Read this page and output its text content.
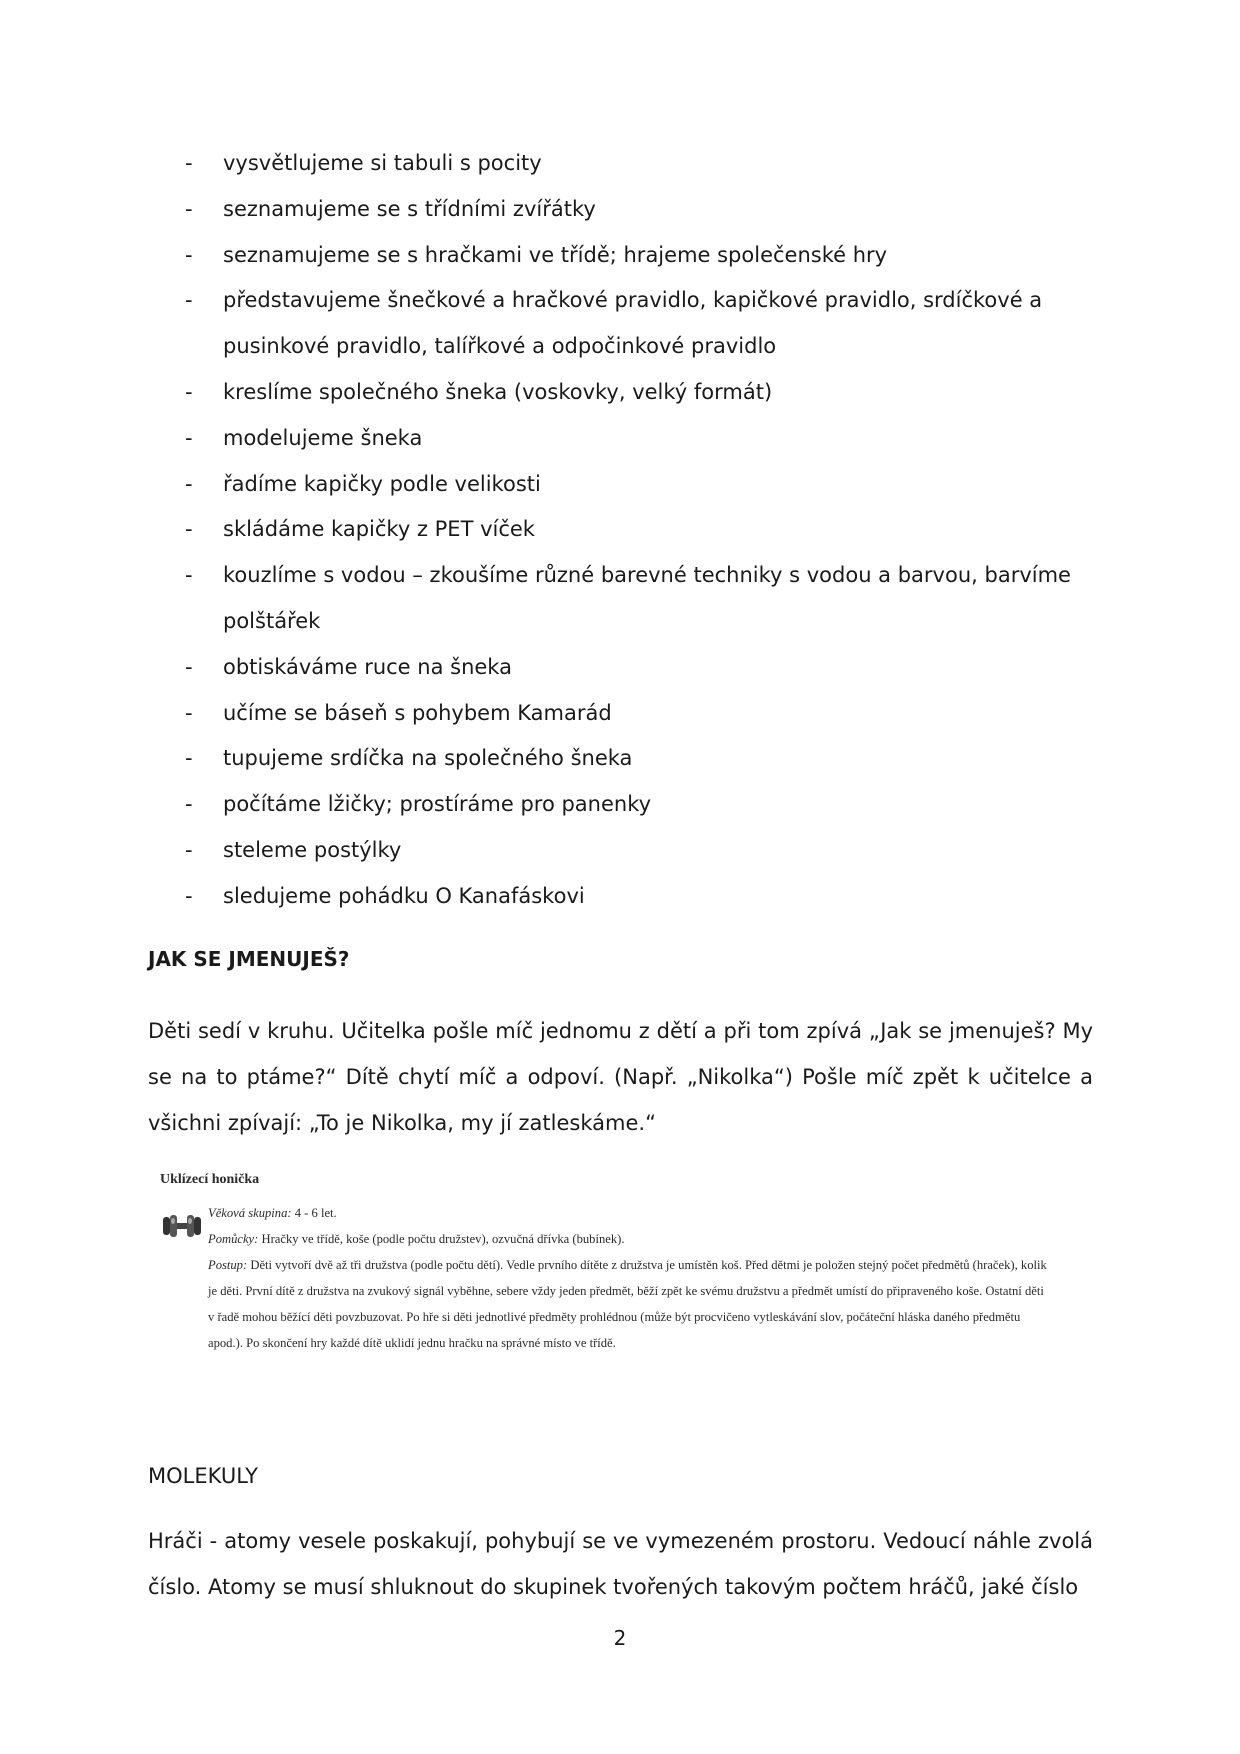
- vysvětlujeme si tabuli s pocity
- seznamujeme se s třídními zvířátky
- seznamujeme se s hračkami ve třídě; hrajeme společenské hry
- představujeme šnečkové a hračkové pravidlo, kapičkové pravidlo, srdíčkové a pusinkové pravidlo, talířkové a odpočinkové pravidlo
- kreslíme společného šneka (voskovky, velký formát)
- modelujeme šneka
- řadíme kapičky podle velikosti
- skládáme kapičky z PET víček
- kouzlíme s vodou – zkoušíme různé barevné techniky s vodou a barvou, barvíme polštářek
- obtiskáváme ruce na šneka
- učíme se báseň s pohybem Kamarád
- tupujeme srdíčka na společného šneka
- počítáme lžičky; prostíráme pro panenky
- steleme postýlky
- sledujeme pohádku O Kanafáskovi
JAK SE JMENUJEŠ?

Děti sedí v kruhu. Učitelka pošle míč jednomu z dětí a při tom zpívá „Jak se jmenuješ? My se na to ptáme?“ Dítě chytí míč a odpoví. (Např. „Nikolka“) Pošle míč zpět k učitelce a všichni zpívají: „To je Nikolka, my jí zatleskáme.“

Uklízecí honička
Věková skupina: 4 - 6 let.
Pomůcky: Hračky ve třídě, koše (podle počtu družstev), ozvučná dřívka (bubínek).
Postup: Děti vytvoří dvě až tři družstva (podle počtu dětí). Vedle prvního dítěte z družstva je umístěn koš. Před dětmi je položen stejný počet předmětů (hraček), kolik je děti. První dítě z družstva na zvukový signál vyběhne, sebere vždy jeden předmět, běží zpět ke svému družstvu a předmět umístí do připraveného koše. Ostatní děti v řadě mohou běžící děti povzbuzovat. Po hře si děti jednotlivé předměty prohlédnou (může být procvičeno vytleskávání slov, počáteční hláska daného předmětu apod.). Po skončení hry každé dítě uklidí jednu hračku na správné místo ve třídě.
MOLEKULY

Hráči - atomy vesele poskakují, pohybují se ve vymezeném prostoru. Vedoucí náhle zvolá číslo. Atomy se musí shluknout do skupinek tvořených takovým počtem hráčů, jaké číslo

2
